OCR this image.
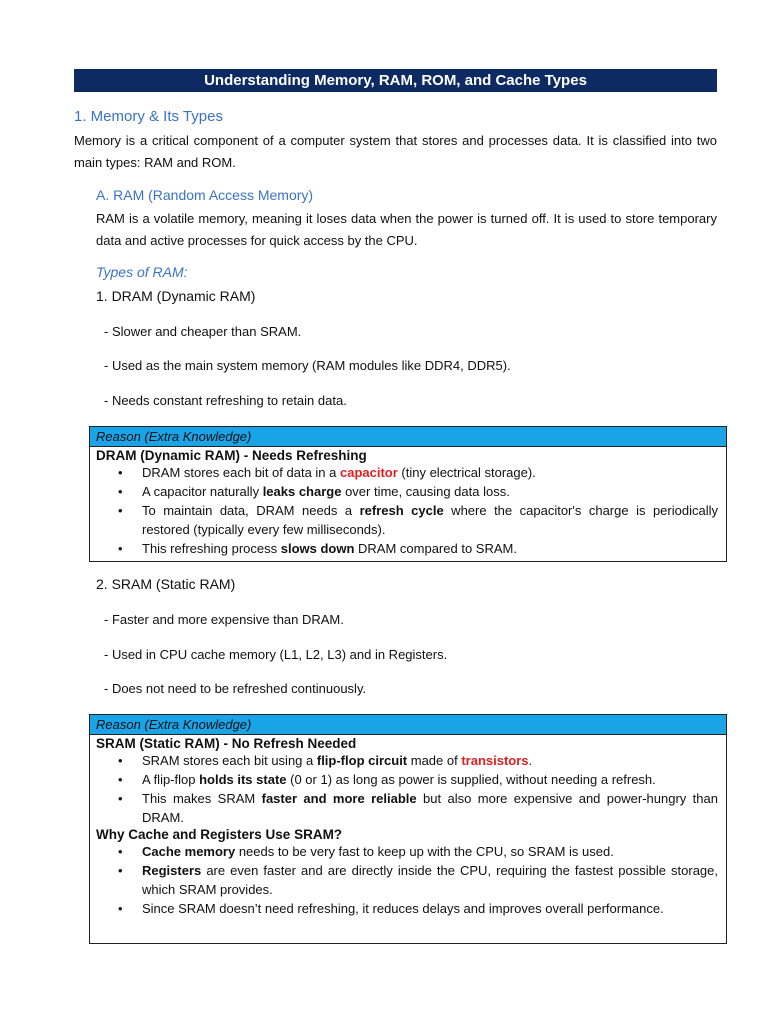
Understanding Memory, RAM, ROM, and Cache Types
1. Memory & Its Types
Memory is a critical component of a computer system that stores and processes data. It is classified into two main types: RAM and ROM.
A. RAM (Random Access Memory)
RAM is a volatile memory, meaning it loses data when the power is turned off. It is used to store temporary data and active processes for quick access by the CPU.
Types of RAM:
1. DRAM (Dynamic RAM)
- Slower and cheaper than SRAM.
- Used as the main system memory (RAM modules like DDR4, DDR5).
- Needs constant refreshing to retain data.
Reason (Extra Knowledge)
DRAM (Dynamic RAM) - Needs Refreshing
• DRAM stores each bit of data in a capacitor (tiny electrical storage).
• A capacitor naturally leaks charge over time, causing data loss.
• To maintain data, DRAM needs a refresh cycle where the capacitor's charge is periodically restored (typically every few milliseconds).
• This refreshing process slows down DRAM compared to SRAM.
2. SRAM (Static RAM)
- Faster and more expensive than DRAM.
- Used in CPU cache memory (L1, L2, L3) and in Registers.
- Does not need to be refreshed continuously.
Reason (Extra Knowledge)
SRAM (Static RAM) - No Refresh Needed
• SRAM stores each bit using a flip-flop circuit made of transistors.
• A flip-flop holds its state (0 or 1) as long as power is supplied, without needing a refresh.
• This makes SRAM faster and more reliable but also more expensive and power-hungry than DRAM.
Why Cache and Registers Use SRAM?
• Cache memory needs to be very fast to keep up with the CPU, so SRAM is used.
• Registers are even faster and are directly inside the CPU, requiring the fastest possible storage, which SRAM provides.
• Since SRAM doesn’t need refreshing, it reduces delays and improves overall performance.
